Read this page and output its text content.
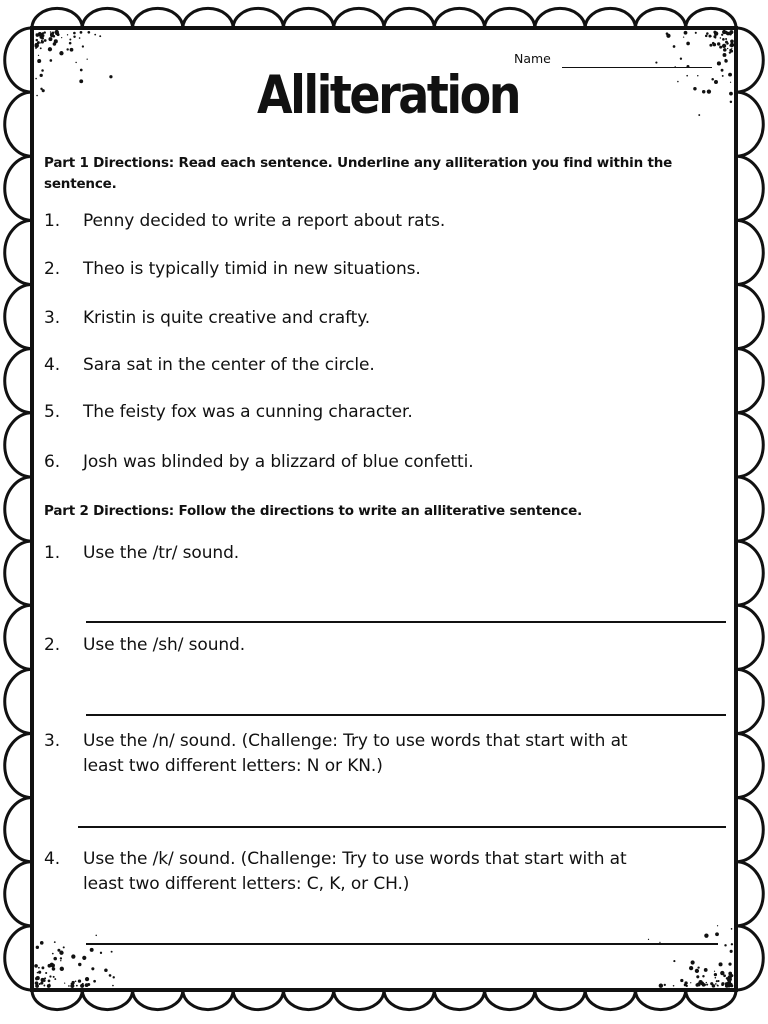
Name
Alliteration
Part 1 Directions: Read each sentence. Underline any alliteration you find within the sentence.
1.	Penny decided to write a report about rats.
2.	Theo is typically timid in new situations.
3.	Kristin is quite creative and crafty.
4.	Sara sat in the center of the circle.
5.	The feisty fox was a cunning character.
6.	Josh was blinded by a blizzard of blue confetti.
Part 2 Directions: Follow the directions to write an alliterative sentence.
1.	Use the /tr/ sound.
2.	Use the /sh/ sound.
3.	Use the /n/ sound. (Challenge: Try to use words that start with at
least two different letters: N or KN.)
4.	Use the /k/ sound. (Challenge: Try to use words that start with at
least two different letters: C, K, or CH.)
